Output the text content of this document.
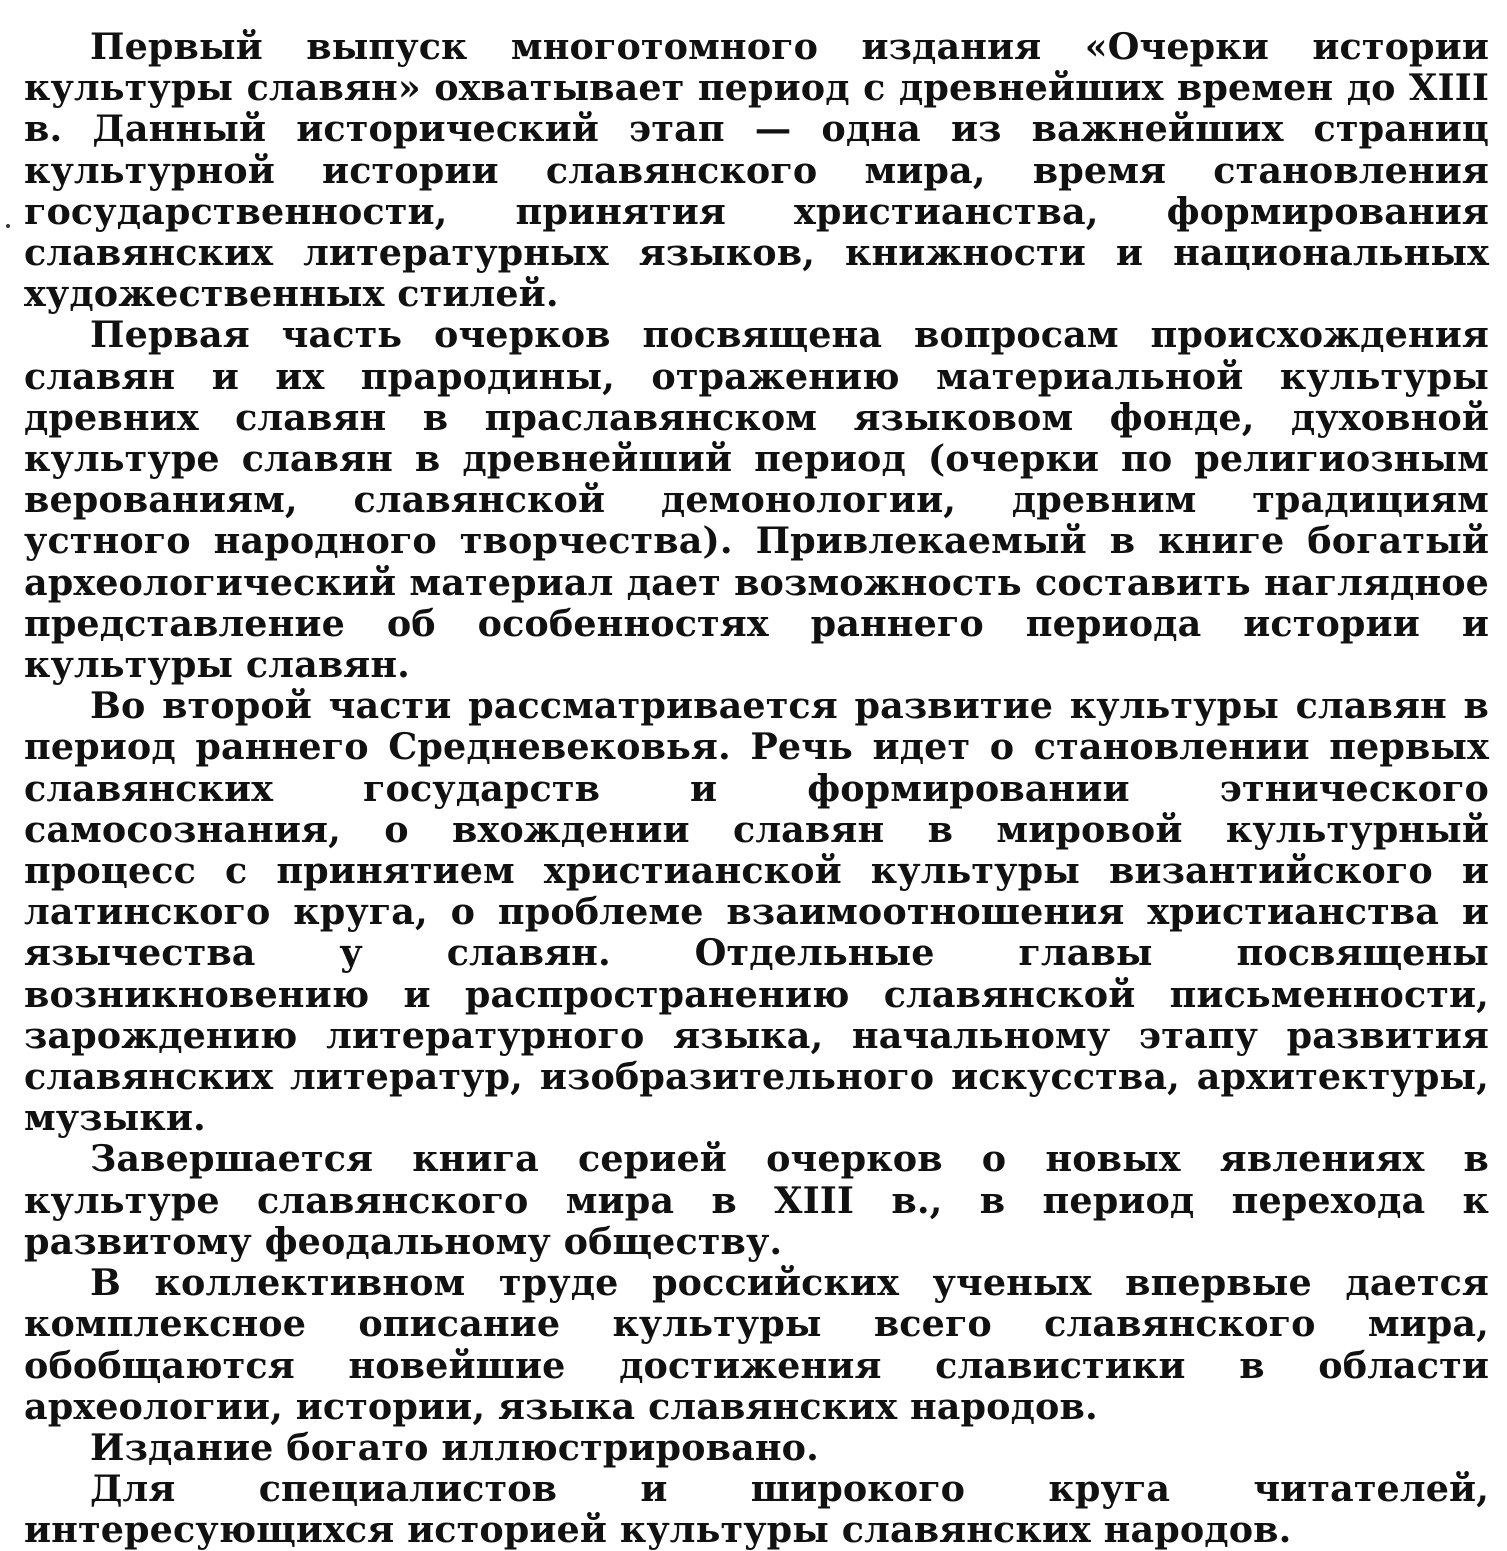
Первый выпуск многотомного издания «Очерки истории культуры славян» охватывает период с древнейших времен до XIII в. Данный исторический этап — одна из важнейших страниц культурной истории славянского мира, время становления государственности, принятия христианства, формирования славянских литературных языков, книжности и национальных художественных стилей.

Первая часть очерков посвящена вопросам происхождения славян и их прародины, отражению материальной культуры древних славян в праславянском языковом фонде, духовной культуре славян в древнейший период (очерки по религиозным верованиям, славянской демонологии, древним традициям устного народного творчества). Привлекаемый в книге богатый археологический материал дает возможность составить наглядное представление об особенностях раннего периода истории и культуры славян.

Во второй части рассматривается развитие культуры славян в период раннего Средневековья. Речь идет о становлении первых славянских государств и формировании этнического самосознания, о вхождении славян в мировой культурный процесс с принятием христианской культуры византийского и латинского круга, о проблеме взаимоотношения христианства и язычества у славян. Отдельные главы посвящены возникновению и распространению славянской письменности, зарождению литературного языка, начальному этапу развития славянских литератур, изобразительного искусства, архитектуры, музыки.

Завершается книга серией очерков о новых явлениях в культуре славянского мира в XIII в., в период перехода к развитому феодальному обществу.

В коллективном труде российских ученых впервые дается комплексное описание культуры всего славянского мира, обобщаются новейшие достижения славистики в области археологии, истории, языка славянских народов.

Издание богато иллюстрировано.

Для специалистов и широкого круга читателей, интересующихся историей культуры славянских народов.
